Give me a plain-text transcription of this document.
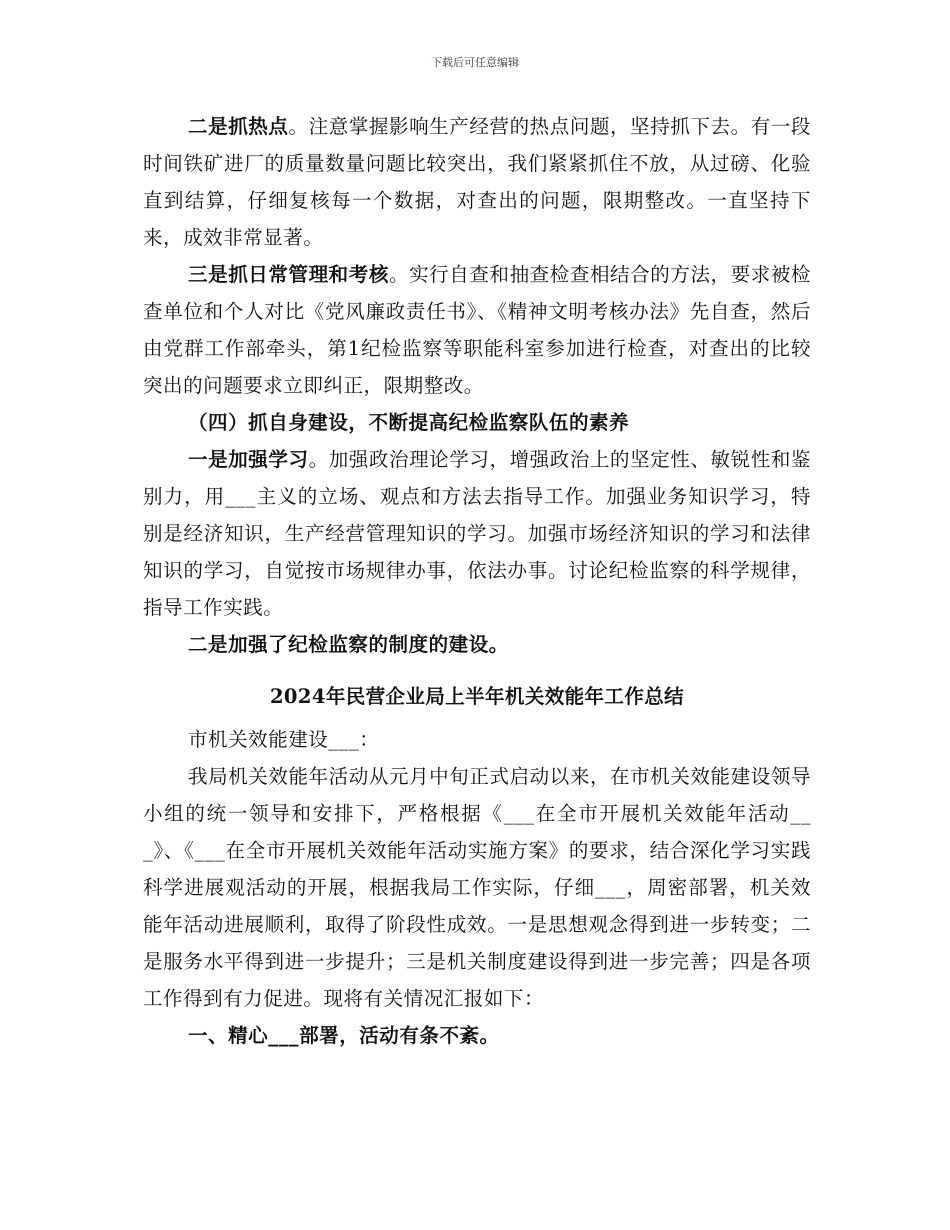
下载后可任意编辑

二是抓热点。注意掌握影响生产经营的热点问题，坚持抓下去。有一段时间铁矿进厂的质量数量问题比较突出，我们紧紧抓住不放，从过磅、化验直到结算，仔细复核每一个数据，对查出的问题，限期整改。一直坚持下来，成效非常显著。

三是抓日常管理和考核。实行自查和抽查检查相结合的方法，要求被检查单位和个人对比《党风廉政责任书》、《精神文明考核办法》先自查，然后由党群工作部牵头，第1纪检监察等职能科室参加进行检查，对查出的比较突出的问题要求立即纠正，限期整改。

（四）抓自身建设，不断提高纪检监察队伍的素养

一是加强学习。加强政治理论学习，增强政治上的坚定性、敏锐性和鉴别力，用___主义的立场、观点和方法去指导工作。加强业务知识学习，特别是经济知识，生产经营管理知识的学习。加强市场经济知识的学习和法律知识的学习，自觉按市场规律办事，依法办事。讨论纪检监察的科学规律，指导工作实践。

二是加强了纪检监察的制度的建设。

2024年民营企业局上半年机关效能年工作总结

市机关效能建设___：

我局机关效能年活动从元月中旬正式启动以来，在市机关效能建设领导小组的统一领导和安排下，严格根据《___在全市开展机关效能年活动___》、《___在全市开展机关效能年活动实施方案》的要求，结合深化学习实践科学进展观活动的开展，根据我局工作实际，仔细___，周密部署，机关效能年活动进展顺利，取得了阶段性成效。一是思想观念得到进一步转变；二是服务水平得到进一步提升；三是机关制度建设得到进一步完善；四是各项工作得到有力促进。现将有关情况汇报如下：

一、精心___部署，活动有条不紊。
